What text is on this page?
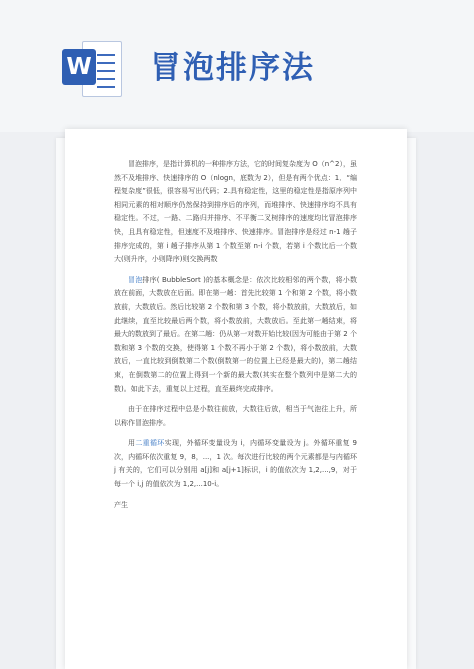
W 冒泡排序法

冒泡排序，是指计算机的一种排序方法，它的时间复杂度为 O（n^2），虽然不及堆排序、快速排序的 O（nlogn，底数为 2），但是有两个优点：1．“编程复杂度”很低，很容易写出代码；2.具有稳定性，这里的稳定性是指原序列中相同元素的相对顺序仍然保持到排序后的序列，而堆排序、快速排序均不具有稳定性。不过，一路、二路归并排序、不平衡二叉树排序的速度均比冒泡排序快，且具有稳定性，但速度不及堆排序、快速排序。冒泡排序是经过 n-1 趟子排序完成的，第 i 趟子排序从第 1 个数至第 n-i 个数，若第 i 个数比后一个数大(则升序，小则降序)则交换两数

冒泡排序( BubbleSort )的基本概念是：依次比较相邻的两个数，将小数放在前面，大数放在后面。即在第一趟：首先比较第 1 个和第 2 个数，将小数放前，大数放后。然后比较第 2 个数和第 3 个数，将小数放前，大数放后，如此继续，直至比较最后两个数，将小数放前，大数放后。至此第一趟结束，将最大的数放到了最后。在第二趟：仍从第一对数开始比较(因为可能由于第 2 个数和第 3 个数的交换，使得第 1 个数不再小于第 2 个数)，将小数放前，大数放后，一直比较到倒数第二个数(倒数第一的位置上已经是最大的)，第二趟结束，在倒数第二的位置上得到一个新的最大数(其实在整个数列中是第二大的数)。如此下去，重复以上过程，直至最终完成排序。

由于在排序过程中总是小数往前放，大数往后放，相当于气泡往上升，所以称作冒泡排序。

用二重循环实现，外循环变量设为 i，内循环变量设为 j。外循环重复 9 次，内循环依次重复 9，8，...，1 次。每次进行比较的两个元素都是与内循环 j 有关的，它们可以分别用 a[j]和 a[j+1]标识，i 的值依次为 1,2,...,9，对于每一个 i,j 的值依次为 1,2,...10-i。

产生
